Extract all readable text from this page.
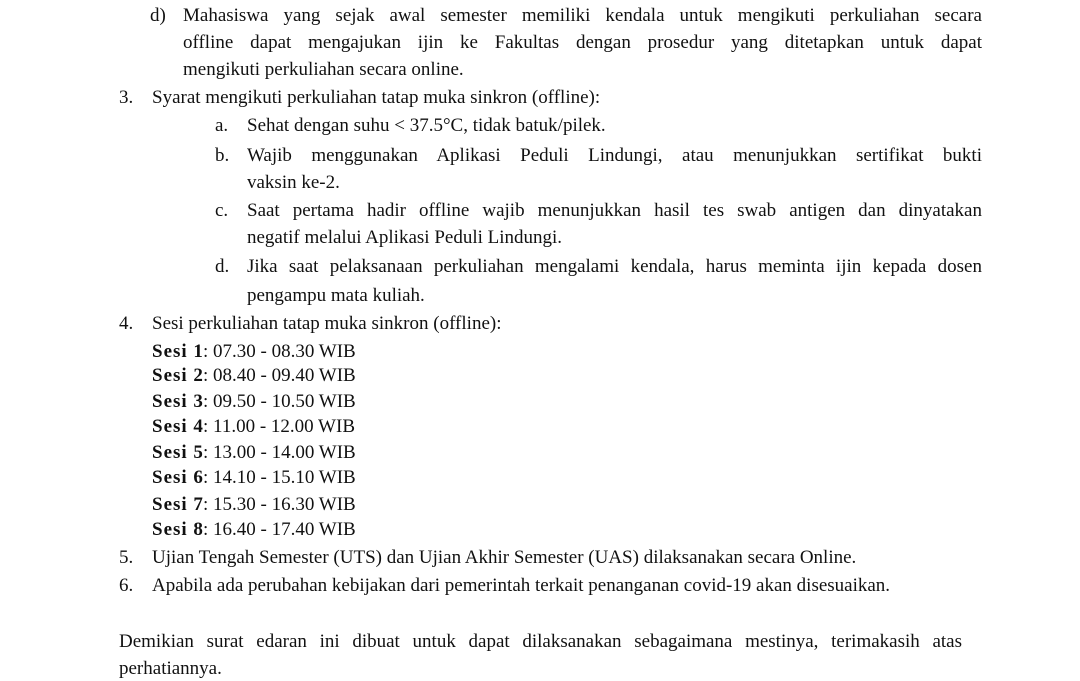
d) Mahasiswa yang sejak awal semester memiliki kendala untuk mengikuti perkuliahan secara
offline dapat mengajukan ijin ke Fakultas dengan prosedur yang ditetapkan untuk dapat
mengikuti perkuliahan secara online.
3. Syarat mengikuti perkuliahan tatap muka sinkron (offline):
a. Sehat dengan suhu < 37.5°C, tidak batuk/pilek.
b. Wajib menggunakan Aplikasi Peduli Lindungi, atau menunjukkan sertifikat bukti
vaksin ke-2.
c. Saat pertama hadir offline wajib menunjukkan hasil tes swab antigen dan dinyatakan
negatif melalui Aplikasi Peduli Lindungi.
d. Jika saat pelaksanaan perkuliahan mengalami kendala, harus meminta ijin kepada dosen
pengampu mata kuliah.
4. Sesi perkuliahan tatap muka sinkron (offline):
Sesi 1 : 07.30 - 08.30 WIB
Sesi 2 : 08.40 - 09.40 WIB
Sesi 3 : 09.50 - 10.50 WIB
Sesi 4 : 11.00 - 12.00 WIB
Sesi 5 : 13.00 - 14.00 WIB
Sesi 6 : 14.10 - 15.10 WIB
Sesi 7 : 15.30 - 16.30 WIB
Sesi 8 : 16.40 - 17.40 WIB
5. Ujian Tengah Semester (UTS) dan Ujian Akhir Semester (UAS) dilaksanakan secara Online.
6. Apabila ada perubahan kebijakan dari pemerintah terkait penanganan covid-19 akan disesuaikan.
Demikian surat edaran ini dibuat untuk dapat dilaksanakan sebagaimana mestinya, terimakasih atas
perhatiannya.
